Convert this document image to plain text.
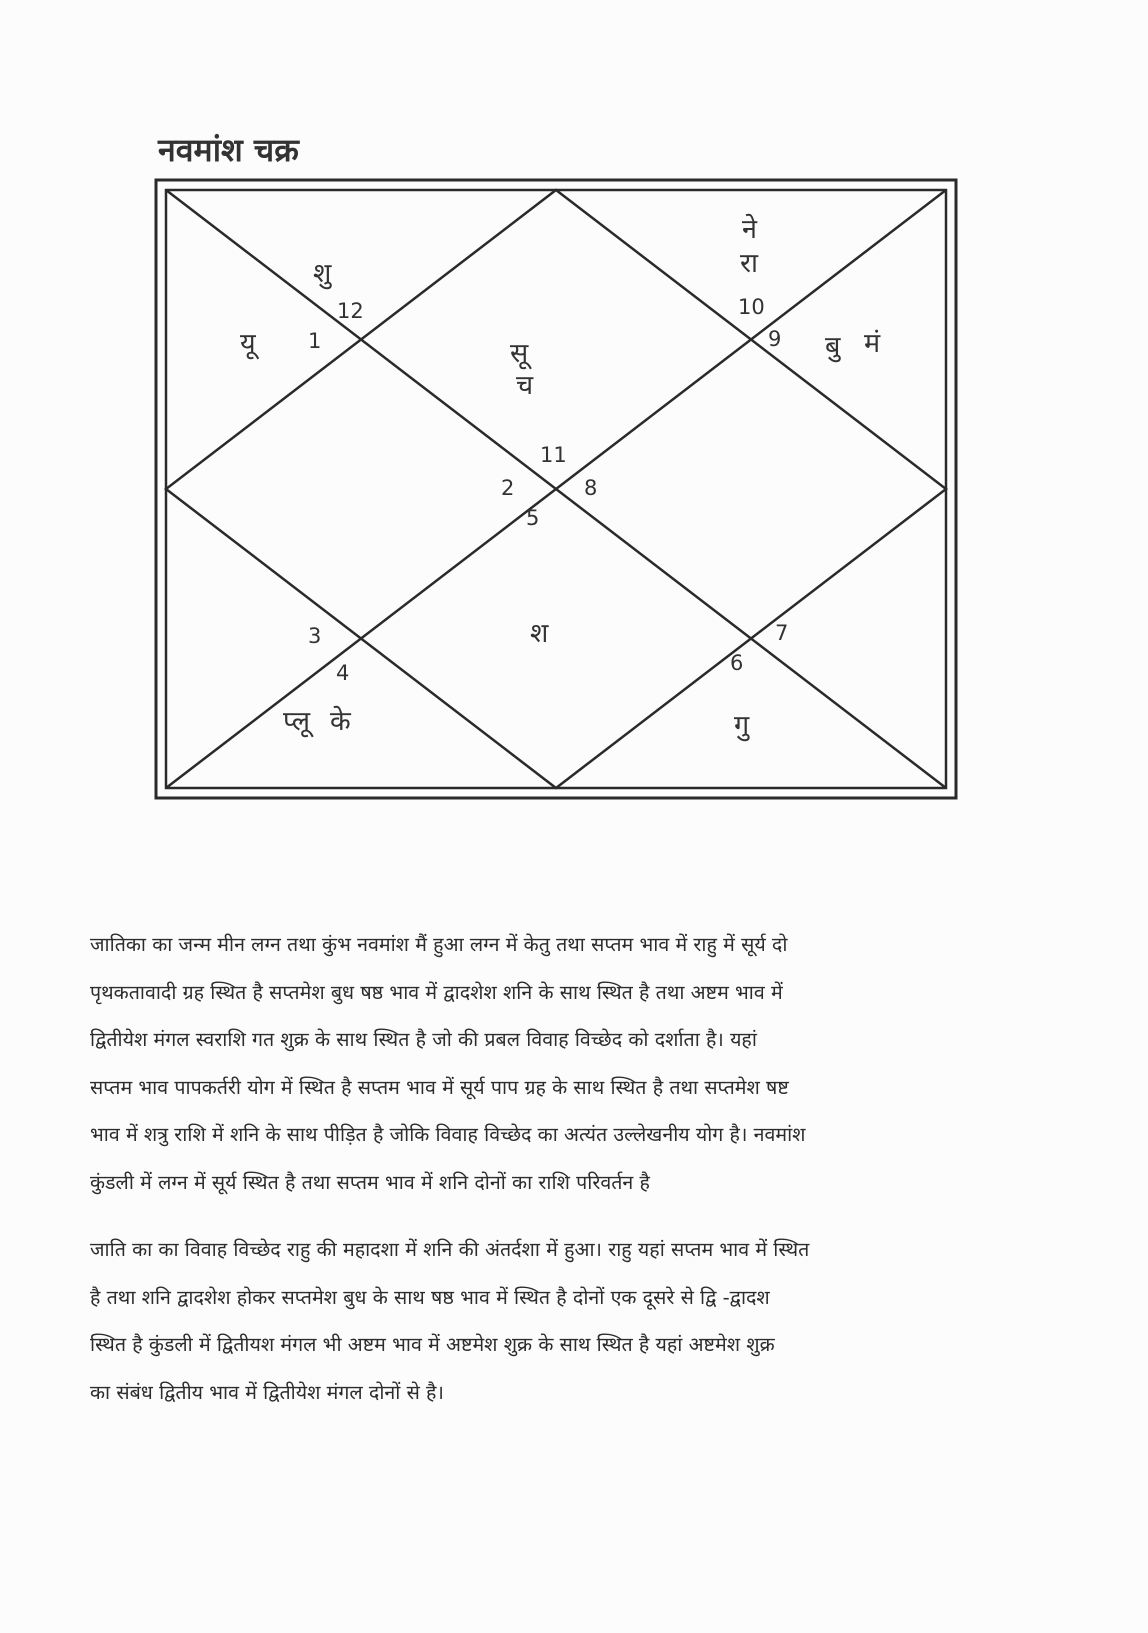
नवमांश चक्र
12
1
11
10
9
2	8
5
3
4
7
6
शु
यू	सू
च
ने
रा
बु मं
श
प्लू के	गु

जातिका का जन्म मीन लग्न तथा कुंभ नवमांश मैं हुआ लग्न में केतु तथा सप्तम भाव में राहु में सूर्य दो
पृथकतावादी ग्रह स्थित है सप्तमेश बुध षष्ठ भाव में द्वादशेश शनि के साथ स्थित है तथा अष्टम भाव में
द्वितीयेश मंगल स्वराशि गत शुक्र के साथ स्थित है जो की प्रबल विवाह विच्छेद को दर्शाता है। यहां
सप्तम भाव पापकर्तरी योग में स्थित है सप्तम भाव में सूर्य पाप ग्रह के साथ स्थित है तथा सप्तमेश षष्ट
भाव में शत्रु राशि में शनि के साथ पीड़ित है जोकि विवाह विच्छेद का अत्यंत उल्लेखनीय योग है। नवमांश
कुंडली में लग्न में सूर्य स्थित है तथा सप्तम भाव में शनि दोनों का राशि परिवर्तन है

जाति का का विवाह विच्छेद राहु की महादशा में शनि की अंतर्दशा में हुआ। राहु यहां सप्तम भाव में स्थित
है तथा शनि द्वादशेश होकर सप्तमेश बुध के साथ षष्ठ भाव में स्थित है दोनों एक दूसरे से द्वि -द्वादश
स्थित है कुंडली में द्वितीयश मंगल भी अष्टम भाव में अष्टमेश शुक्र के साथ स्थित है यहां अष्टमेश शुक्र
का संबंध द्वितीय भाव में द्वितीयेश मंगल दोनों से है।
